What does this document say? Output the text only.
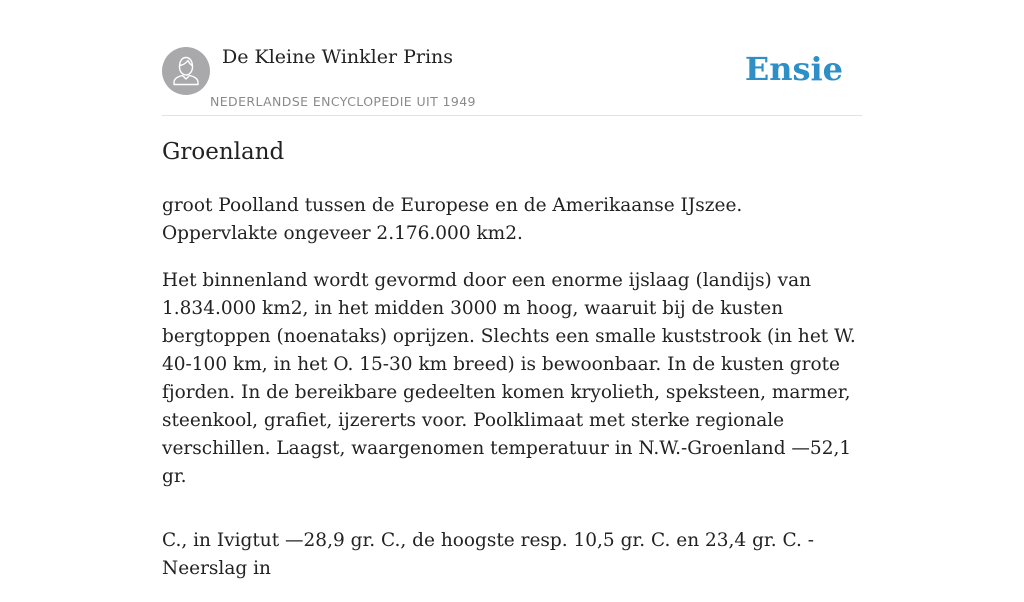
De Kleine Winkler Prins
NEDERLANDSE ENCYCLOPEDIE UIT 1949
Ensie
Groenland

groot Poolland tussen de Europese en de Amerikaanse IJszee. Oppervlakte ongeveer 2.176.000 km2.

Het binnenland wordt gevormd door een enorme ijslaag (landijs) van 1.834.000 km2, in het midden 3000 m hoog, waaruit bij de kusten bergtoppen (noenataks) oprijzen. Slechts een smalle kuststrook (in het W. 40-100 km, in het O. 15-30 km breed) is bewoonbaar. In de kusten grote fjorden. In de bereikbare gedeelten komen kryolieth, speksteen, marmer, steenkool, grafiet, ijzererts voor. Poolklimaat met sterke regionale verschillen. Laagst, waargenomen temperatuur in N.W.-Groenland —52,1 gr.

C., in Ivigtut —28,9 gr. C., de hoogste resp. 10,5 gr. C. en 23,4 gr. C. - Neerslag in
